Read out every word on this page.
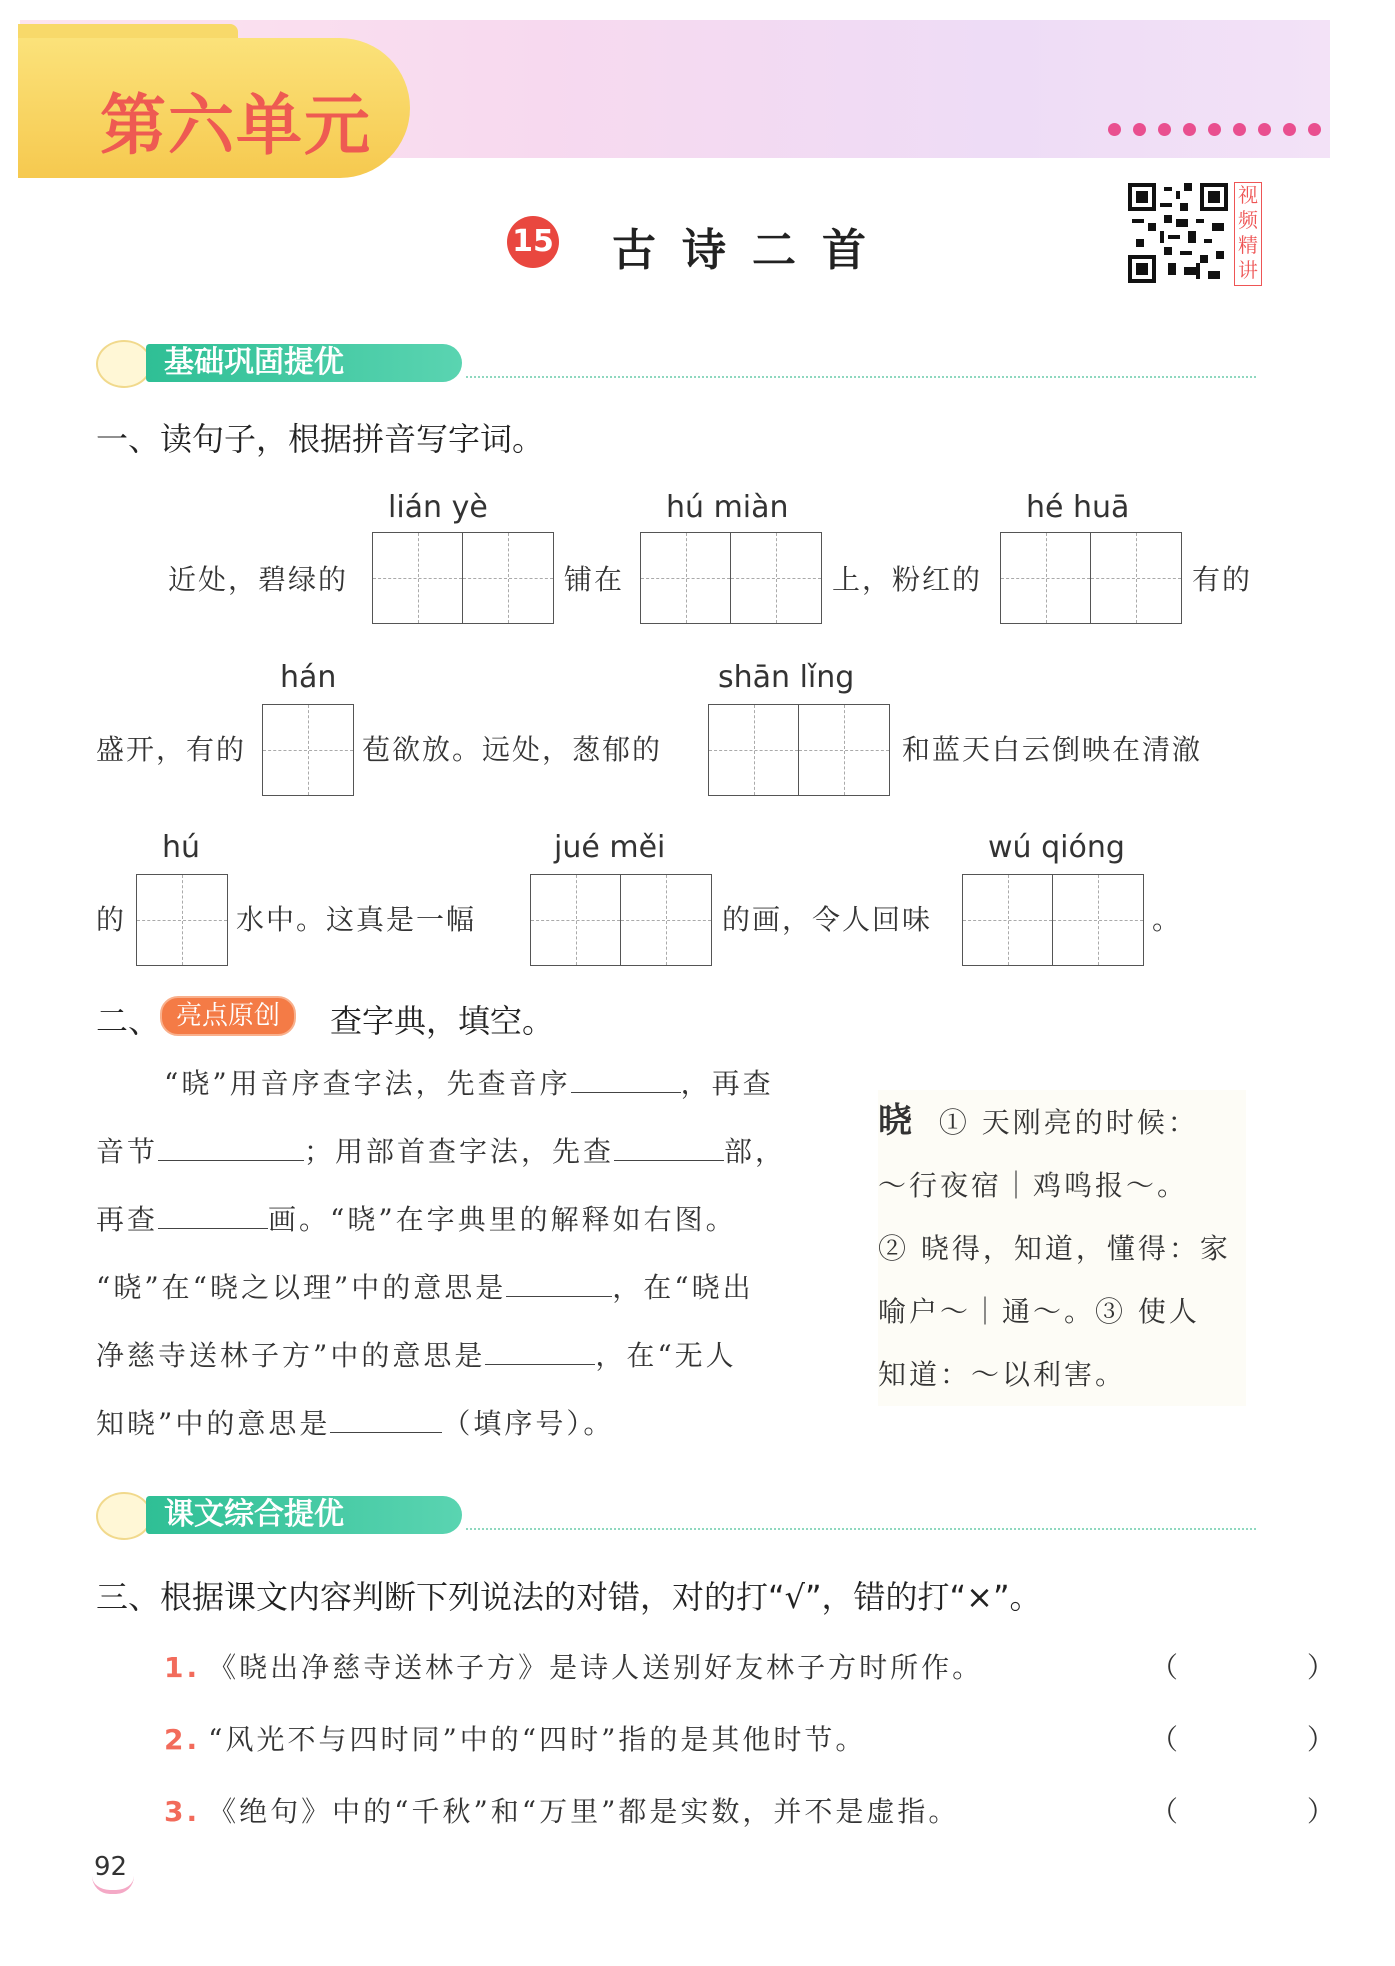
第六单元
15 古诗二首
视频精讲
基础巩固提优
一、读句子，根据拼音写字词。
lián yè	hú miàn	hé huā
近处，碧绿的	铺在	上，粉红的	有的
hán	shān lǐng
盛开，有的	苞欲放。远处，葱郁的	和蓝天白云倒映在清澈
hú	jué měi	wú qióng
的	水中。这真是一幅	的画，令人回味	。
二、 亮点原创	查字典，填空。
“晓”用音序查字法，先查音序	，再查
音节	；用部首查字法，先查	部，
再查	画。“晓”在字典里的解释如右图。
“晓”在“晓之以理”中的意思是	，在“晓出
净慈寺送林子方”中的意思是	，在“无人
知晓”中的意思是	（填序号）。
晓 ① 天刚亮的时候：
～行夜宿｜鸡鸣报～。
② 晓得，知道，懂得：家
喻户～｜通～。③ 使人
知道：～以利害。
课文综合提优
三、根据课文内容判断下列说法的对错，对的打“√”，错的打“×”。
1. 《晓出净慈寺送林子方》是诗人送别好友林子方时所作。	（ ）
2. “风光不与四时同”中的“四时”指的是其他时节。	（ ）
3. 《绝句》中的“千秋”和“万里”都是实数，并不是虚指。	（ ）
92
